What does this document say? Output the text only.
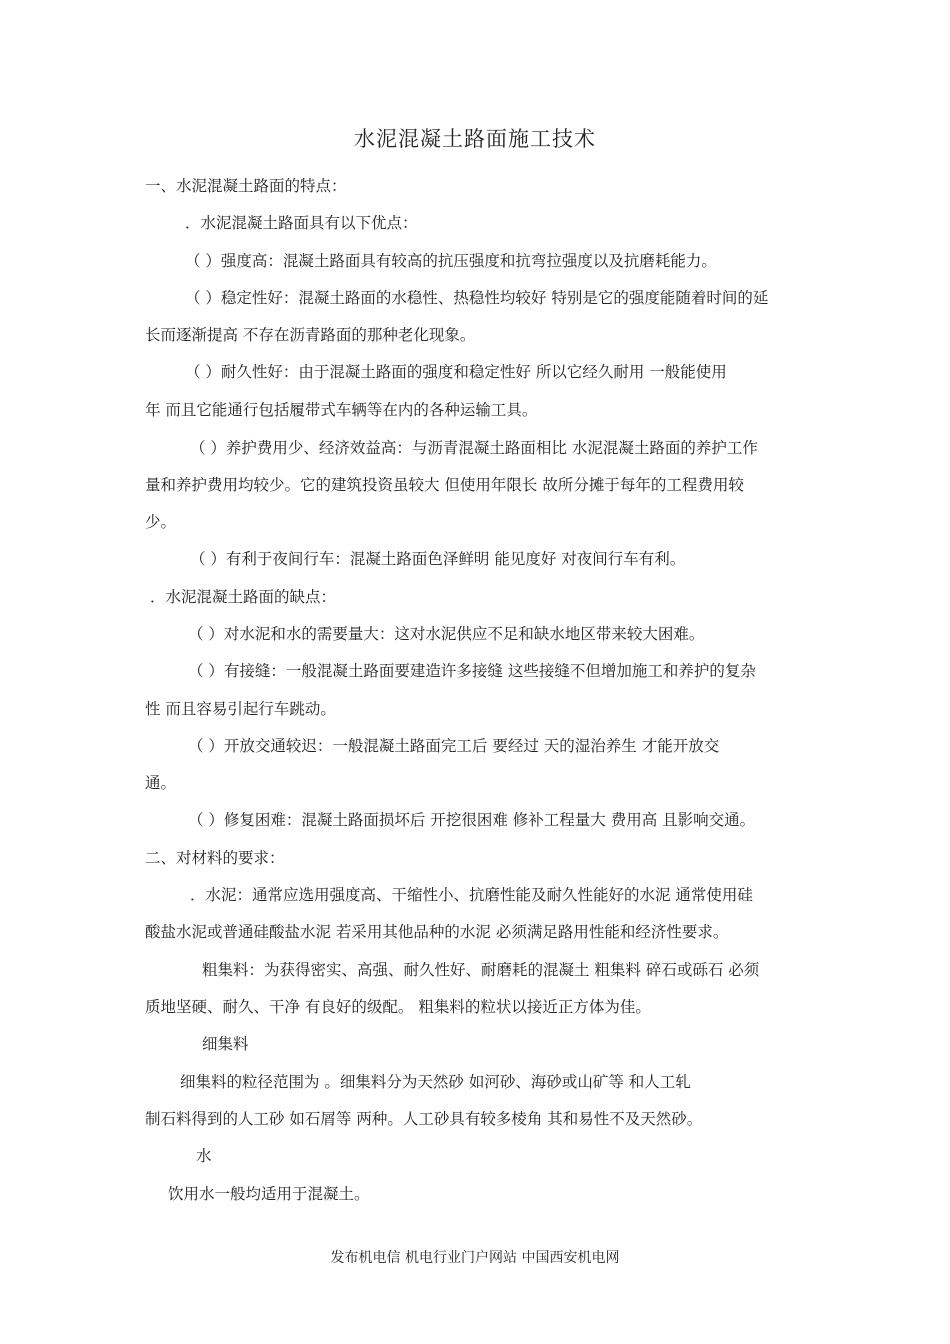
水泥混凝土路面施工技术
一、水泥混凝土路面的特点：
．水泥混凝土路面具有以下优点：
（ ）强度高：混凝土路面具有较高的抗压强度和抗弯拉强度以及抗磨耗能力。
（ ）稳定性好：混凝土路面的水稳性、热稳性均较好 特别是它的强度能随着时间的延
长而逐渐提高 不存在沥青路面的那种老化现象。
（ ）耐久性好：由于混凝土路面的强度和稳定性好 所以它经久耐用 一般能使用
年 而且它能通行包括履带式车辆等在内的各种运输工具。
（ ）养护费用少、经济效益高：与沥青混凝土路面相比 水泥混凝土路面的养护工作
量和养护费用均较少。它的建筑投资虽较大 但使用年限长 故所分摊于每年的工程费用较
少。
（ ）有利于夜间行车：混凝土路面色泽鲜明 能见度好 对夜间行车有利。
．水泥混凝土路面的缺点：
（ ）对水泥和水的需要量大：这对水泥供应不足和缺水地区带来较大困难。
（ ）有接缝：一般混凝土路面要建造许多接缝 这些接缝不但增加施工和养护的复杂
性 而且容易引起行车跳动。
（ ）开放交通较迟：一般混凝土路面完工后 要经过 天的湿治养生 才能开放交
通。
（ ）修复困难：混凝土路面损坏后 开挖很困难 修补工程量大 费用高 且影响交通。
二、对材料的要求：
．水泥：通常应选用强度高、干缩性小、抗磨性能及耐久性能好的水泥 通常使用硅
酸盐水泥或普通硅酸盐水泥 若采用其他品种的水泥 必须满足路用性能和经济性要求。
粗集料：为获得密实、高强、耐久性好、耐磨耗的混凝土 粗集料 碎石或砾石 必须
质地坚硬、耐久、干净 有良好的级配。 粗集料的粒状以接近正方体为佳。
细集料
细集料的粒径范围为 。细集料分为天然砂 如河砂、海砂或山矿等 和人工轧
制石料得到的人工砂 如石屑等 两种。人工砂具有较多棱角 其和易性不及天然砂。
水
饮用水一般均适用于混凝土。
发布机电信 机电行业门户网站 中国西安机电网
